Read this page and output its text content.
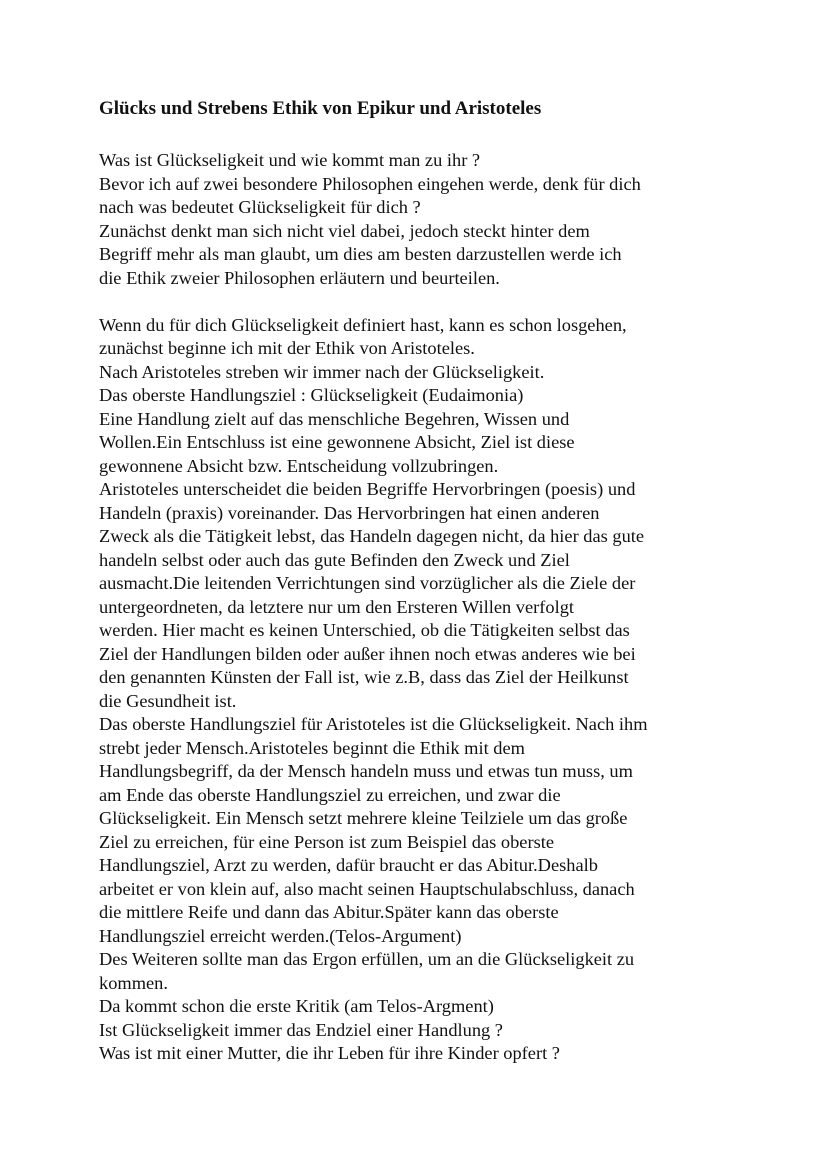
Glücks und Strebens Ethik von Epikur und Aristoteles
Was ist Glückseligkeit und wie kommt man zu ihr ?
Bevor ich auf zwei besondere Philosophen eingehen werde, denk für dich
nach was bedeutet Glückseligkeit für dich ?
Zunächst denkt man sich nicht viel dabei, jedoch steckt hinter dem
Begriff mehr als man glaubt, um dies am besten darzustellen werde ich
die Ethik zweier Philosophen erläutern und beurteilen.
Wenn du für dich Glückseligkeit definiert hast, kann es schon losgehen,
zunächst beginne ich mit der Ethik von Aristoteles.
Nach Aristoteles streben wir immer nach der Glückseligkeit.
Das oberste Handlungsziel : Glückseligkeit (Eudaimonia)
Eine Handlung zielt auf das menschliche Begehren, Wissen und
Wollen.Ein Entschluss ist eine gewonnene Absicht, Ziel ist diese
gewonnene Absicht bzw. Entscheidung vollzubringen.
Aristoteles unterscheidet die beiden Begriffe Hervorbringen (poesis) und
Handeln (praxis) voreinander. Das Hervorbringen hat einen anderen
Zweck als die Tätigkeit lebst, das Handeln dagegen nicht, da hier das gute
handeln selbst oder auch das gute Befinden den Zweck und Ziel
ausmacht.Die leitenden Verrichtungen sind vorzüglicher als die Ziele der
untergeordneten, da letztere nur um den Ersteren Willen verfolgt
werden. Hier macht es keinen Unterschied, ob die Tätigkeiten selbst das
Ziel der Handlungen bilden oder außer ihnen noch etwas anderes wie bei
den genannten Künsten der Fall ist, wie z.B, dass das Ziel der Heilkunst
die Gesundheit ist.
Das oberste Handlungsziel für Aristoteles ist die Glückseligkeit. Nach ihm
strebt jeder Mensch.Aristoteles beginnt die Ethik mit dem
Handlungsbegriff, da der Mensch handeln muss und etwas tun muss, um
am Ende das oberste Handlungsziel zu erreichen, und zwar die
Glückseligkeit. Ein Mensch setzt mehrere kleine Teilziele um das große
Ziel zu erreichen, für eine Person ist zum Beispiel das oberste
Handlungsziel, Arzt zu werden, dafür braucht er das Abitur.Deshalb
arbeitet er von klein auf, also macht seinen Hauptschulabschluss, danach
die mittlere Reife und dann das Abitur.Später kann das oberste
Handlungsziel erreicht werden.(Telos-Argument)
Des Weiteren sollte man das Ergon erfüllen, um an die Glückseligkeit zu
kommen.
Da kommt schon die erste Kritik (am Telos-Argment)
Ist Glückseligkeit immer das Endziel einer Handlung ?
Was ist mit einer Mutter, die ihr Leben für ihre Kinder opfert ?
